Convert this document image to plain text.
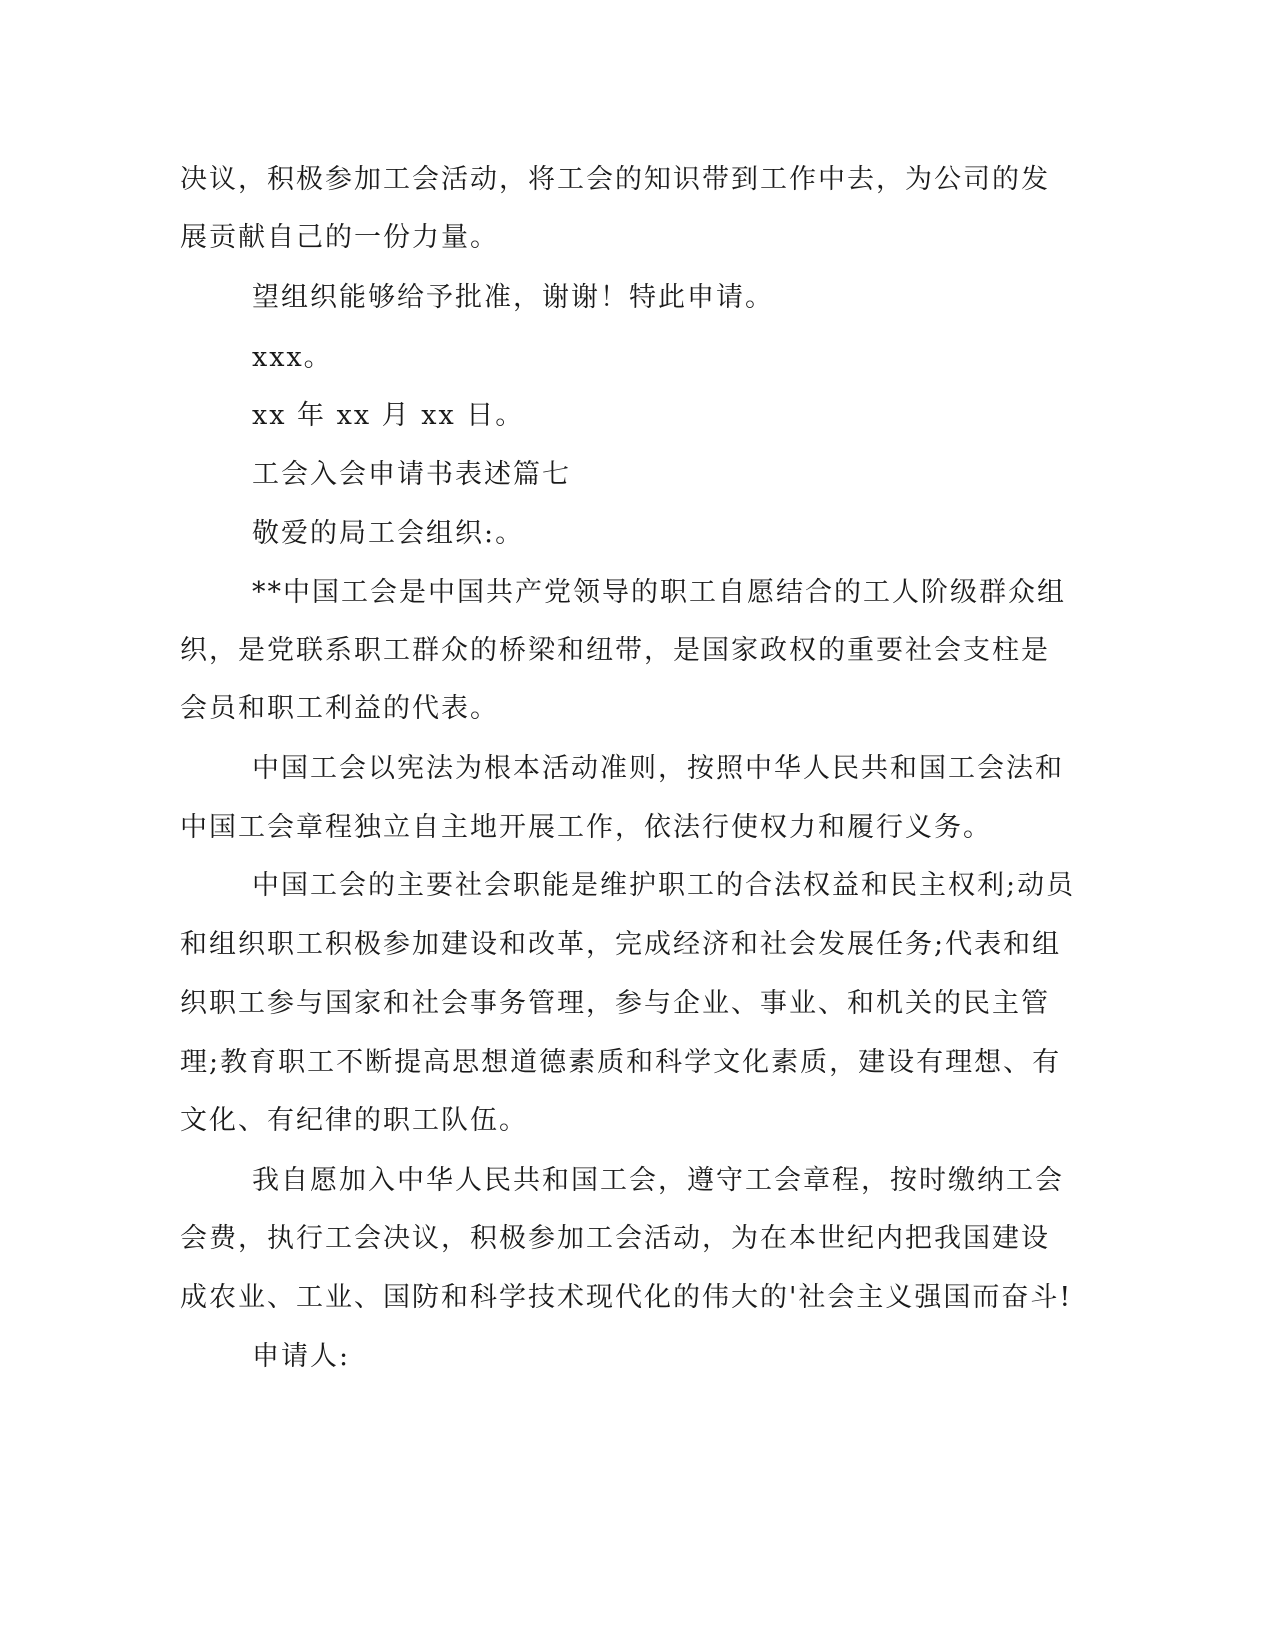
决议，积极参加工会活动，将工会的知识带到工作中去，为公司的发
展贡献自己的一份力量。
望组织能够给予批准，谢谢！特此申请。
xxx。
xx 年 xx 月 xx 日。
工会入会申请书表述篇七
敬爱的局工会组织:。
**中国工会是中国共产党领导的职工自愿结合的工人阶级群众组
织，是党联系职工群众的桥梁和纽带，是国家政权的重要社会支柱是
会员和职工利益的代表。
中国工会以宪法为根本活动准则，按照中华人民共和国工会法和
中国工会章程独立自主地开展工作，依法行使权力和履行义务。
中国工会的主要社会职能是维护职工的合法权益和民主权利;动员
和组织职工积极参加建设和改革，完成经济和社会发展任务;代表和组
织职工参与国家和社会事务管理，参与企业、事业、和机关的民主管
理;教育职工不断提高思想道德素质和科学文化素质，建设有理想、有
文化、有纪律的职工队伍。
我自愿加入中华人民共和国工会，遵守工会章程，按时缴纳工会
会费，执行工会决议，积极参加工会活动，为在本世纪内把我国建设
成农业、工业、国防和科学技术现代化的伟大的'社会主义强国而奋斗!
申请人:
